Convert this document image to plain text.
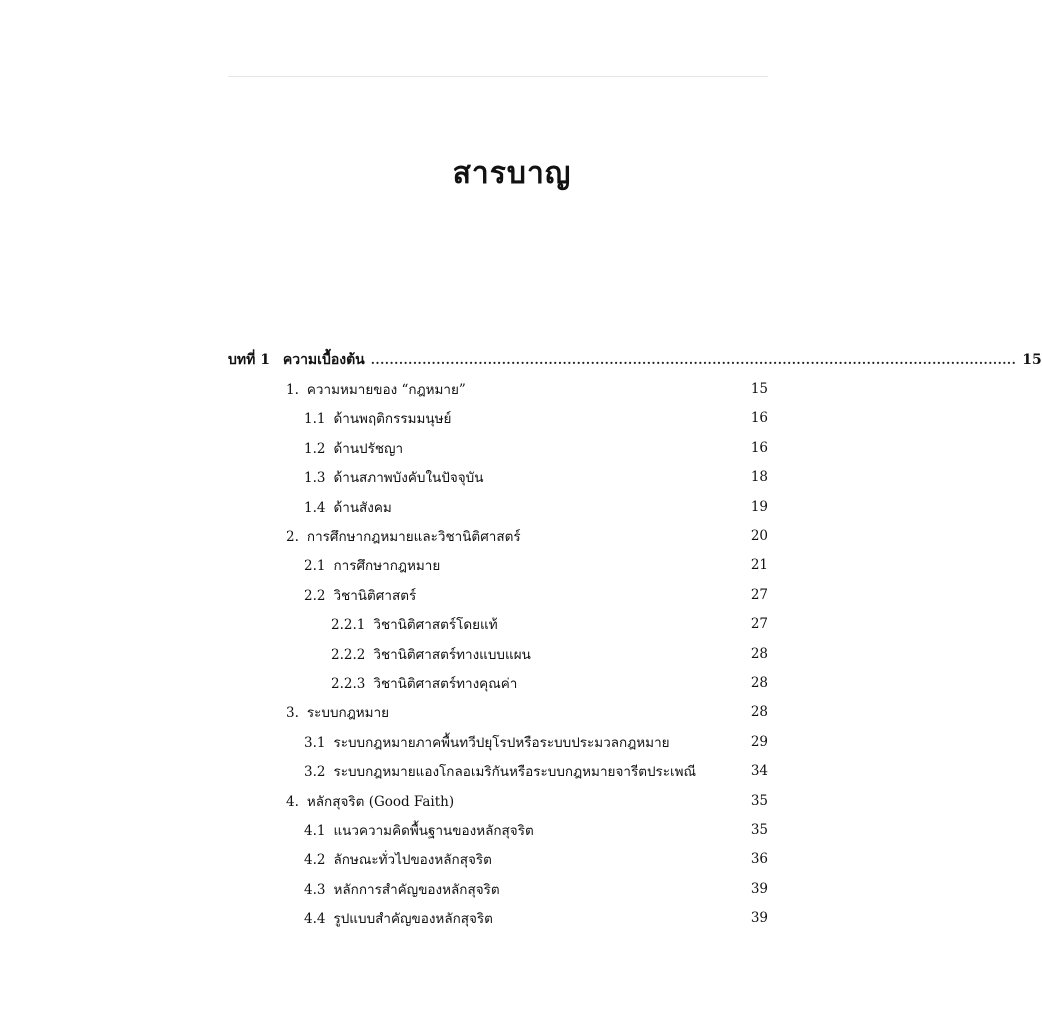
สารบาญ
บทที่ 1 ความเบื้องต้น .......................................................................................................................................... 15
1. ความหมายของ “กฎหมาย”	15
1.1 ด้านพฤติกรรมมนุษย์	16
1.2 ด้านปรัชญา	16
1.3 ด้านสภาพบังคับในปัจจุบัน	18
1.4 ด้านสังคม	19
2. การศึกษากฎหมายและวิชานิติศาสตร์	20
2.1 การศึกษากฎหมาย	21
2.2 วิชานิติศาสตร์	27
2.2.1 วิชานิติศาสตร์โดยแท้	27
2.2.2 วิชานิติศาสตร์ทางแบบแผน	28
2.2.3 วิชานิติศาสตร์ทางคุณค่า	28
3. ระบบกฎหมาย	28
3.1 ระบบกฎหมายภาคพื้นทวีปยุโรปหรือระบบประมวลกฎหมาย	29
3.2 ระบบกฎหมายแองโกลอเมริกันหรือระบบกฎหมายจารีตประเพณี	34
4. หลักสุจริต (Good Faith)	35
4.1 แนวความคิดพื้นฐานของหลักสุจริต	35
4.2 ลักษณะทั่วไปของหลักสุจริต	36
4.3 หลักการสำคัญของหลักสุจริต	39
4.4 รูปแบบสำคัญของหลักสุจริต	39
